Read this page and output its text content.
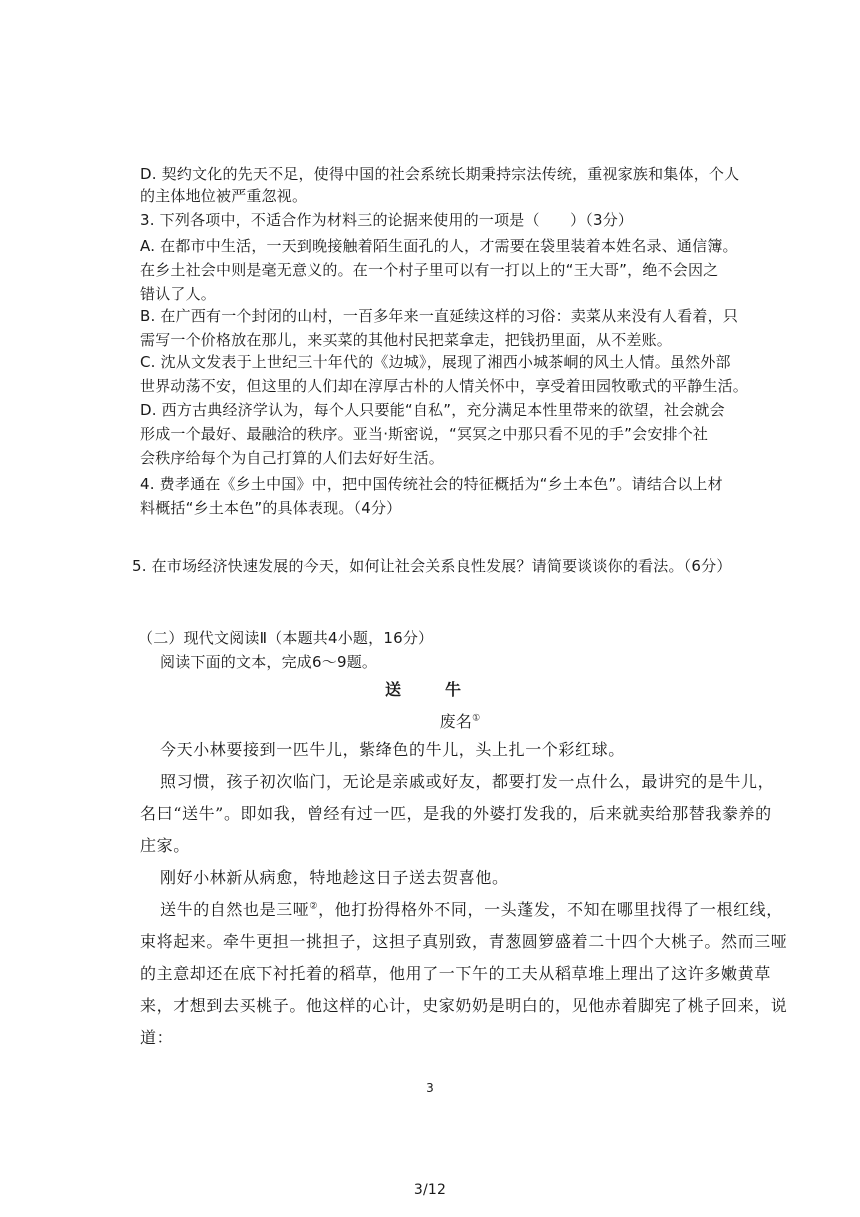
D. 契约文化的先天不足，使得中国的社会系统长期秉持宗法传统，重视家族和集体，个人
的主体地位被严重忽视。
3. 下列各项中，不适合作为材料三的论据来使用的一项是（　　）（3分）
A. 在都市中生活，一天到晚接触着陌生面孔的人，才需要在袋里装着本姓名录、通信簿。
在乡土社会中则是毫无意义的。在一个村子里可以有一打以上的“王大哥”，绝不会因之
错认了人。
B. 在广西有一个封闭的山村，一百多年来一直延续这样的习俗：卖菜从来没有人看着，只
需写一个价格放在那儿，来买菜的其他村民把菜拿走，把钱扔里面，从不差账。
C. 沈从文发表于上世纪三十年代的《边城》，展现了湘西小城茶峒的风土人情。虽然外部
世界动荡不安，但这里的人们却在淳厚古朴的人情关怀中，享受着田园牧歌式的平静生活。
D. 西方古典经济学认为，每个人只要能“自私”，充分满足本性里带来的欲望，社会就会
形成一个最好、最融洽的秩序。亚当·斯密说，“冥冥之中那只看不见的手”会安排个社
会秩序给每个为自己打算的人们去好好生活。
4. 费孝通在《乡土中国》中，把中国传统社会的特征概括为“乡土本色”。请结合以上材
料概括“乡土本色”的具体表现。（4分）
5. 在市场经济快速发展的今天，如何让社会关系良性发展？请简要谈谈你的看法。（6分）
（二）现代文阅读Ⅱ（本题共4小题，16分）
阅读下面的文本，完成6～9题。
送　牛
废名①
今天小林要接到一匹牛儿，紫绛色的牛儿，头上扎一个彩红球。
照习惯，孩子初次临门，无论是亲戚或好友，都要打发一点什么，最讲究的是牛儿，
名曰“送牛”。即如我，曾经有过一匹，是我的外婆打发我的，后来就卖给那替我豢养的
庄家。
刚好小林新从病愈，特地趁这日子送去贺喜他。
送牛的自然也是三哑②，他打扮得格外不同，一头蓬发，不知在哪里找得了一根红线，
束将起来。牵牛更担一挑担子，这担子真别致，青葱圆箩盛着二十四个大桃子。然而三哑
的主意却还在底下衬托着的稻草，他用了一下午的工夫从稻草堆上理出了这许多嫩黄草
来，才想到去买桃子。他这样的心计，史家奶奶是明白的，见他赤着脚宪了桃子回来，说
道：
3
3/12
